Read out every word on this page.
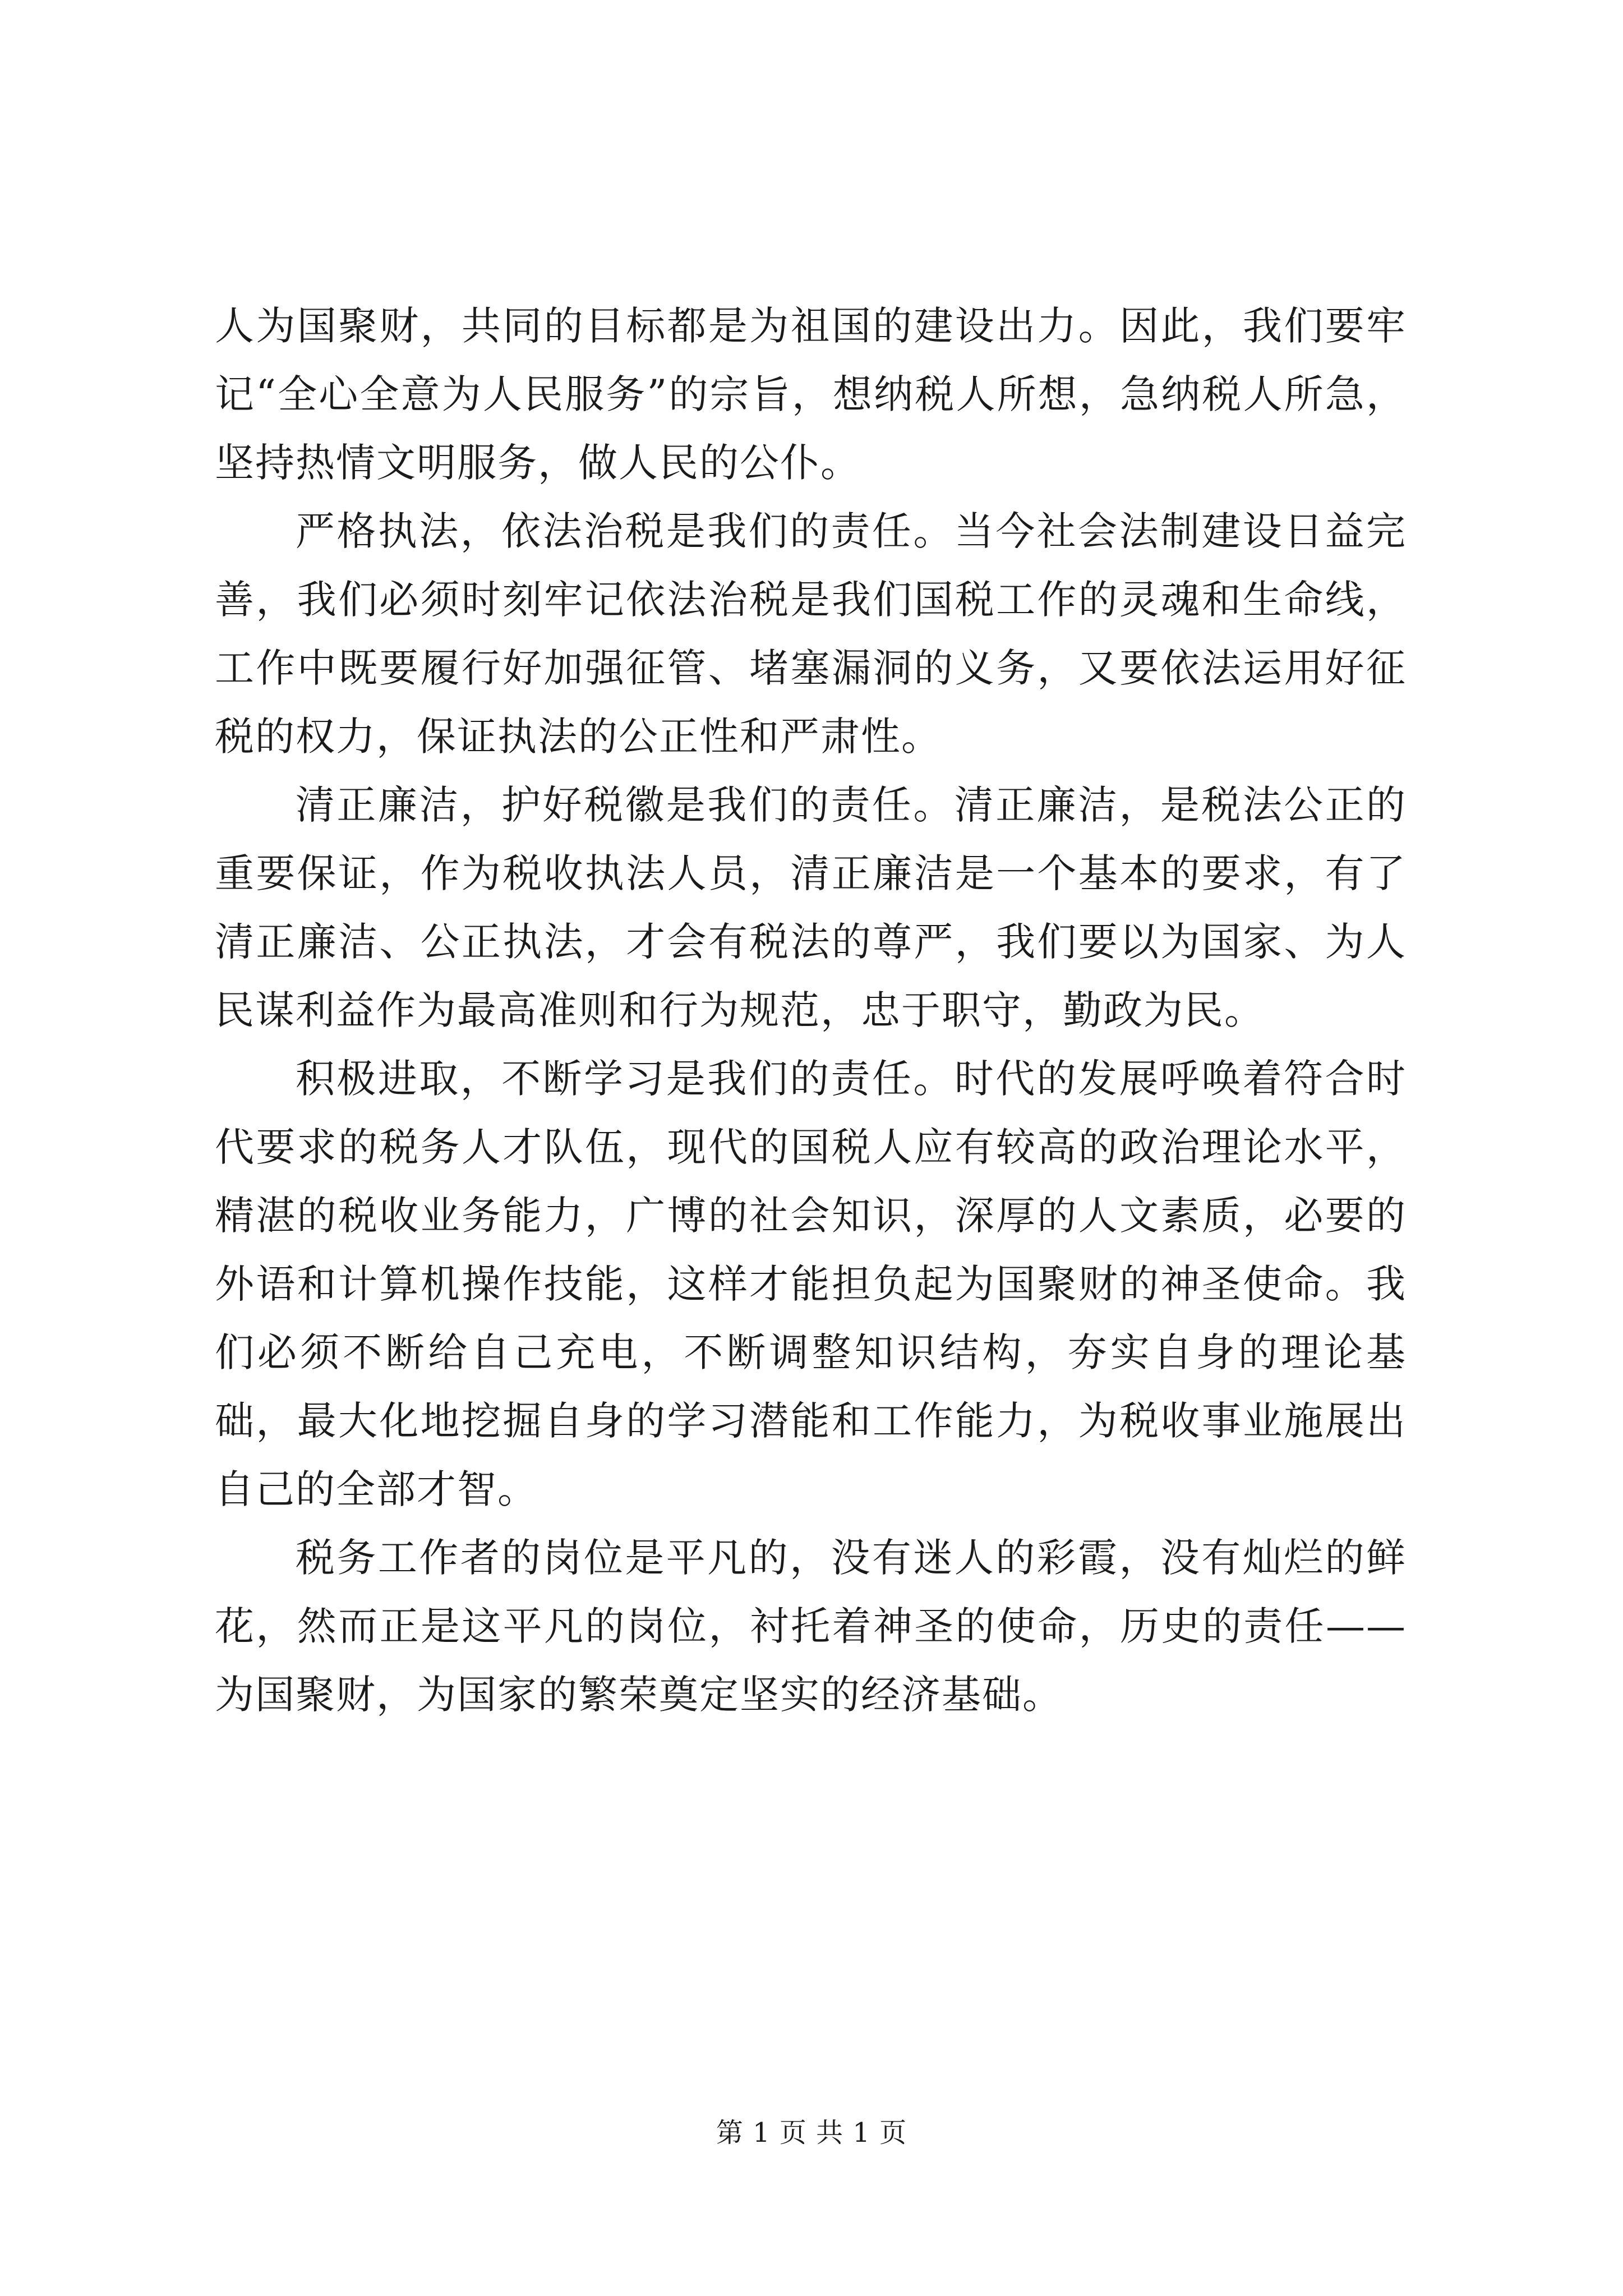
人为国聚财，共同的目标都是为祖国的建设出力。因此，我们要牢记“全心全意为人民服务”的宗旨，想纳税人所想，急纳税人所急，坚持热情文明服务，做人民的公仆。

严格执法，依法治税是我们的责任。当今社会法制建设日益完善，我们必须时刻牢记依法治税是我们国税工作的灵魂和生命线，工作中既要履行好加强征管、堵塞漏洞的义务，又要依法运用好征税的权力，保证执法的公正性和严肃性。

清正廉洁，护好税徽是我们的责任。清正廉洁，是税法公正的重要保证，作为税收执法人员，清正廉洁是一个基本的要求，有了清正廉洁、公正执法，才会有税法的尊严，我们要以为国家、为人民谋利益作为最高准则和行为规范，忠于职守，勤政为民。

积极进取，不断学习是我们的责任。时代的发展呼唤着符合时代要求的税务人才队伍，现代的国税人应有较高的政治理论水平，精湛的税收业务能力，广博的社会知识，深厚的人文素质，必要的外语和计算机操作技能，这样才能担负起为国聚财的神圣使命。我们必须不断给自己充电，不断调整知识结构，夯实自身的理论基础，最大化地挖掘自身的学习潜能和工作能力，为税收事业施展出自己的全部才智。

税务工作者的岗位是平凡的，没有迷人的彩霞，没有灿烂的鲜花，然而正是这平凡的岗位，衬托着神圣的使命，历史的责任——为国聚财，为国家的繁荣奠定坚实的经济基础。

第 1 页 共 1 页
